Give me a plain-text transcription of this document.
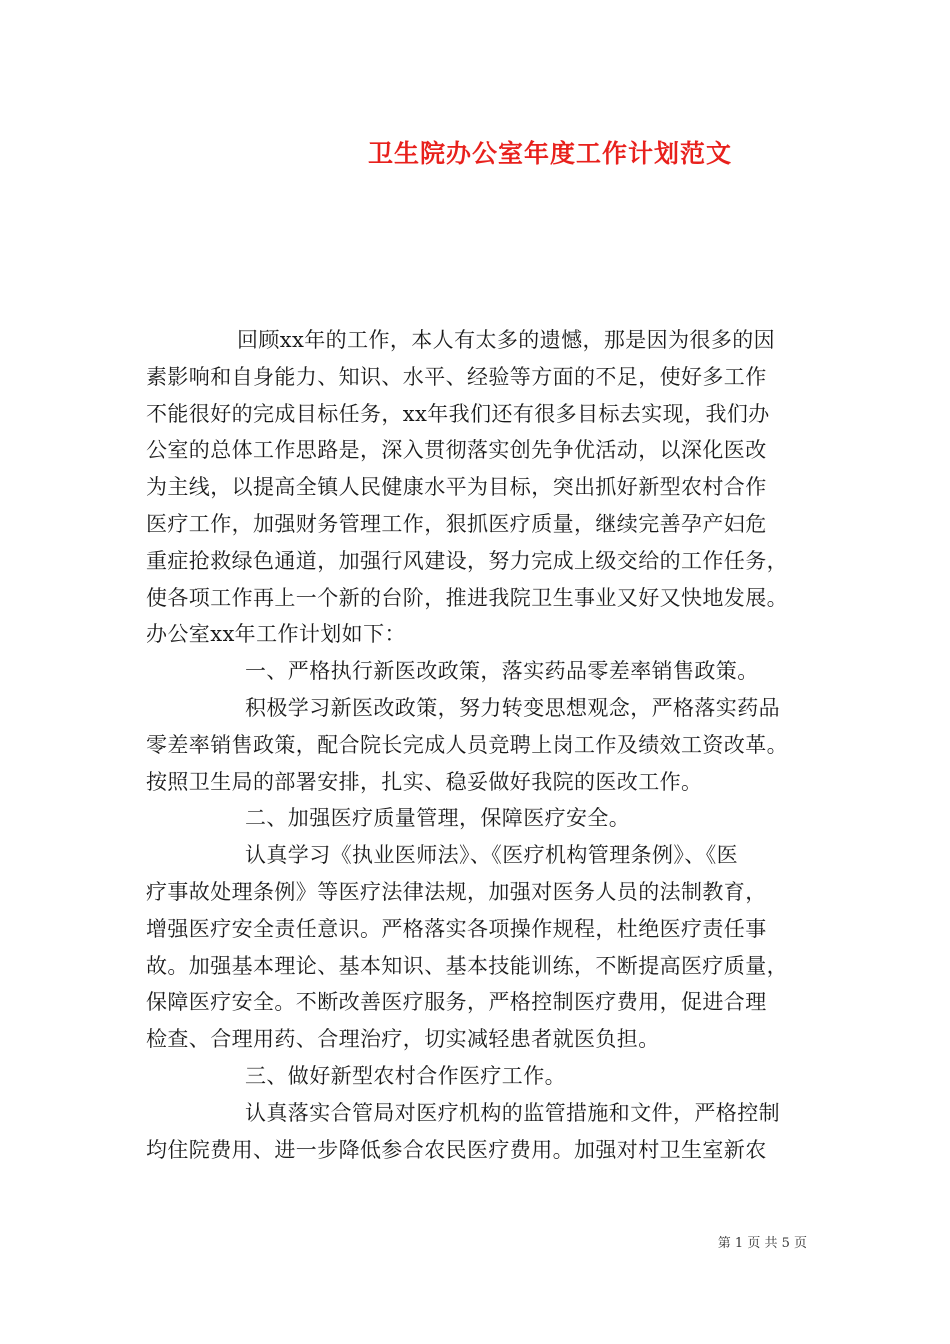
卫生院办公室年度工作计划范文
回顾xx年的工作，本人有太多的遗憾，那是因为很多的因
素影响和自身能力、知识、水平、经验等方面的不足，使好多工作
不能很好的完成目标任务，xx年我们还有很多目标去实现，我们办
公室的总体工作思路是，深入贯彻落实创先争优活动，以深化医改
为主线，以提高全镇人民健康水平为目标，突出抓好新型农村合作
医疗工作，加强财务管理工作，狠抓医疗质量，继续完善孕产妇危
重症抢救绿色通道，加强行风建设，努力完成上级交给的工作任务，
使各项工作再上一个新的台阶，推进我院卫生事业又好又快地发展。
办公室xx年工作计划如下：
一、严格执行新医改政策，落实药品零差率销售政策。
积极学习新医改政策，努力转变思想观念，严格落实药品
零差率销售政策，配合院长完成人员竞聘上岗工作及绩效工资改革。
按照卫生局的部署安排，扎实、稳妥做好我院的医改工作。
二、加强医疗质量管理，保障医疗安全。
认真学习《执业医师法》、《医疗机构管理条例》、《医
疗事故处理条例》等医疗法律法规，加强对医务人员的法制教育，
增强医疗安全责任意识。严格落实各项操作规程，杜绝医疗责任事
故。加强基本理论、基本知识、基本技能训练，不断提高医疗质量，
保障医疗安全。不断改善医疗服务，严格控制医疗费用，促进合理
检查、合理用药、合理治疗，切实减轻患者就医负担。
三、做好新型农村合作医疗工作。
认真落实合管局对医疗机构的监管措施和文件，严格控制
均住院费用、进一步降低参合农民医疗费用。加强对村卫生室新农
第 1 页 共 5 页
